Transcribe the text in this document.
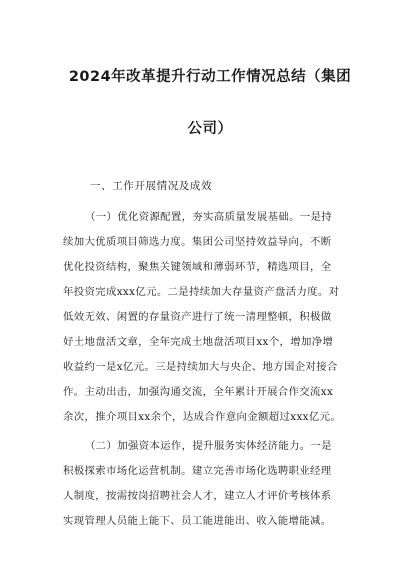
2024年改革提升行动工作情况总结（集团
公司）

一、工作开展情况及成效

（一）优化资源配置，夯实高质量发展基础。一是持

续加大优质项目筛选力度。集团公司坚持效益导向，不断

优化投资结构，聚焦关键领域和薄弱环节，精选项目，全

年投资完成xxx亿元。二是持续加大存量资产盘活力度。对

低效无效、闲置的存量资产进行了统一清理整顿，积极做

好土地盘活文章，全年完成土地盘活项目xx个，增加净增

收益约一是x亿元。三是持续加大与央企、地方国企对接合

作。主动出击，加强沟通交流，全年累计开展合作交流xx

余次，推介项目xx余个，达成合作意向金额超过xxx亿元。

（二）加强资本运作，提升服务实体经济能力。一是

积极探索市场化运营机制。建立完善市场化选聘职业经理

人制度，按需按岗招聘社会人才，建立人才评价考核体系

实现管理人员能上能下、员工能进能出、收入能增能减。
